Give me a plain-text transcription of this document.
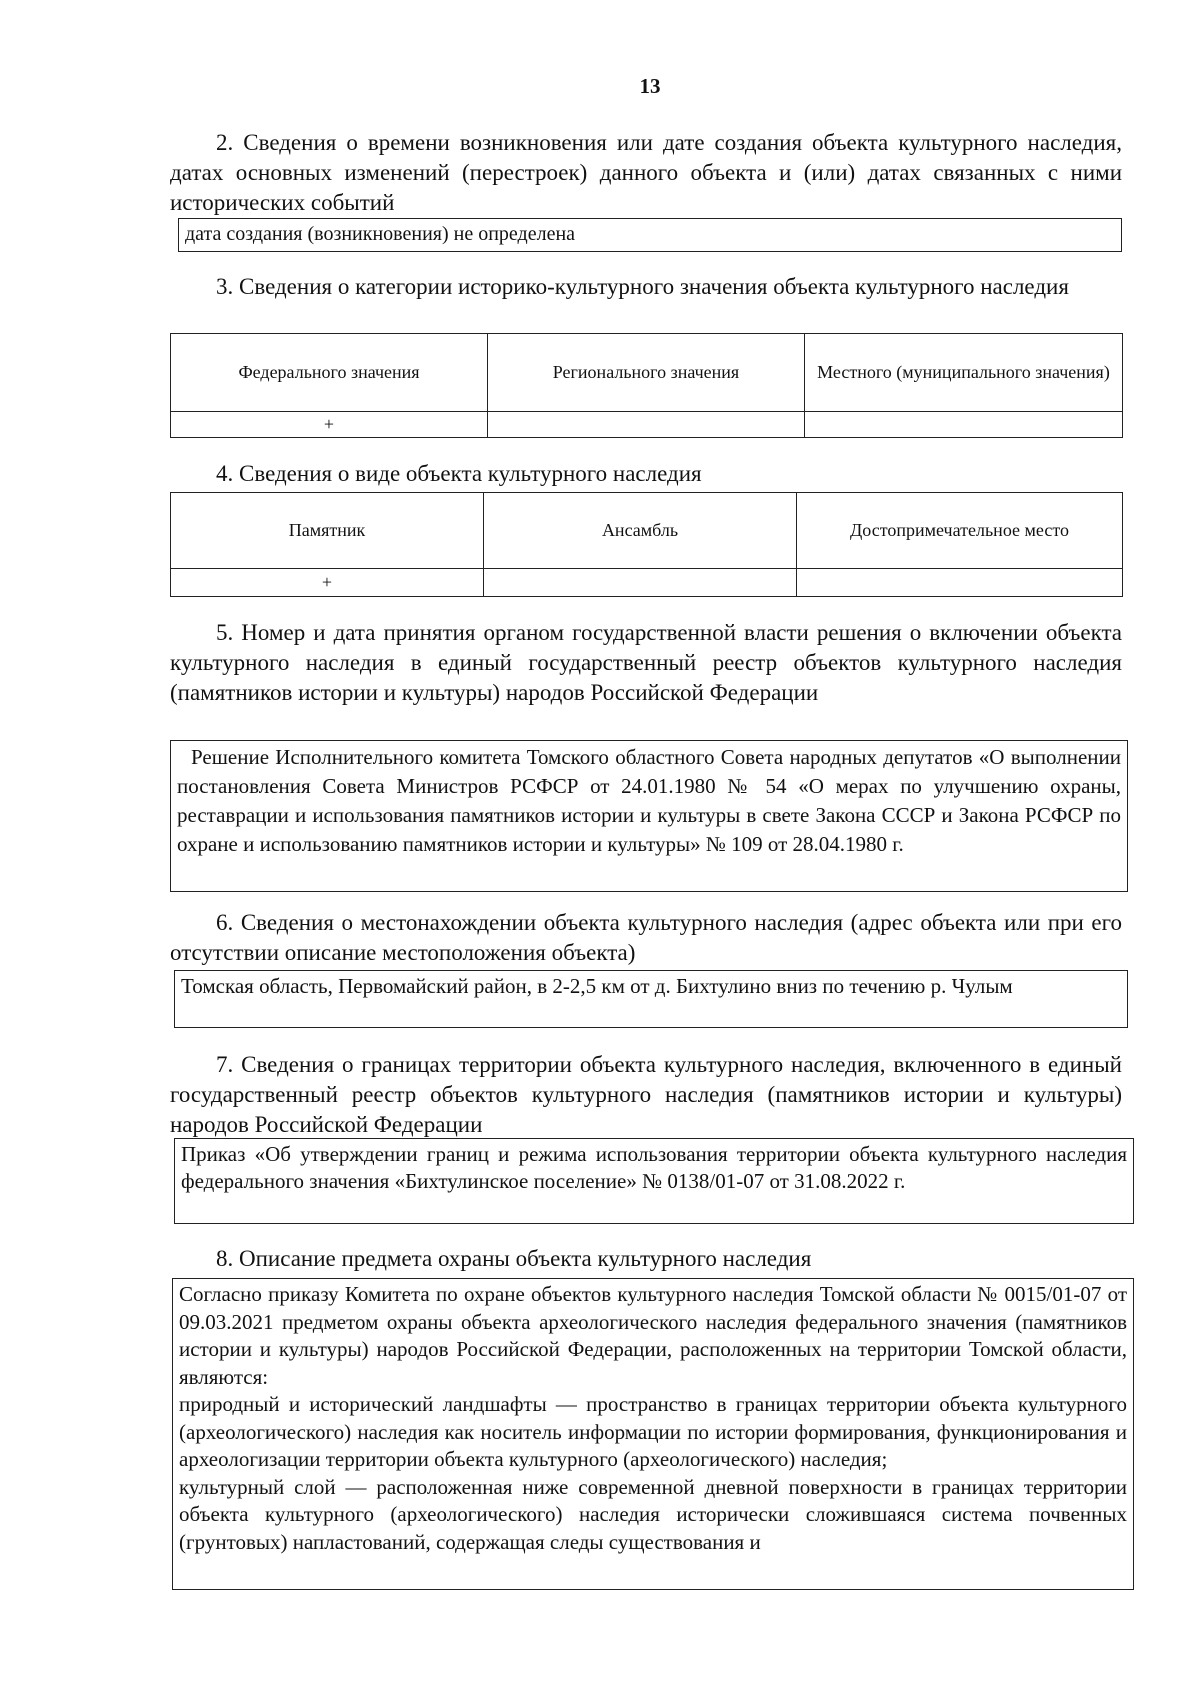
13
2. Сведения о времени возникновения или дате создания объекта культурного наследия, датах основных изменений (перестроек) данного объекта и (или) датах связанных с ними исторических событий
дата создания (возникновения) не определена
3. Сведения о категории историко-культурного значения объекта культурного наследия
Федерального значения	Регионального значения	Местного (муниципального значения)
+		
4. Сведения о виде объекта культурного наследия
Памятник	Ансамбль	Достопримечательное место
+		
5. Номер и дата принятия органом государственной власти решения о включении объекта культурного наследия в единый государственный реестр объектов культурного наследия (памятников истории и культуры) народов Российской Федерации
Решение Исполнительного комитета Томского областного Совета народных депутатов «О выполнении постановления Совета Министров РСФСР от 24.01.1980 № 54 «О мерах по улучшению охраны, реставрации и использования памятников истории и культуры в свете Закона СССР и Закона РСФСР по охране и использованию памятников истории и культуры» № 109 от 28.04.1980 г.
6. Сведения о местонахождении объекта культурного наследия (адрес объекта или при его отсутствии описание местоположения объекта)
Томская область, Первомайский район, в 2-2,5 км от д. Бихтулино вниз по течению р. Чулым
7. Сведения о границах территории объекта культурного наследия, включенного в единый государственный реестр объектов культурного наследия (памятников истории и культуры) народов Российской Федерации
Приказ «Об утверждении границ и режима использования территории объекта культурного наследия федерального значения «Бихтулинское поселение» № 0138/01-07 от 31.08.2022 г.
8. Описание предмета охраны объекта культурного наследия
Согласно приказу Комитета по охране объектов культурного наследия Томской области № 0015/01-07 от 09.03.2021 предметом охраны объекта археологического наследия федерального значения (памятников истории и культуры) народов Российской Федерации, расположенных на территории Томской области, являются:
природный и исторический ландшафты — пространство в границах территории объекта культурного (археологического) наследия как носитель информации по истории формирования, функционирования и археологизации территории объекта культурного (археологического) наследия;
культурный слой — расположенная ниже современной дневной поверхности в границах территории объекта культурного (археологического) наследия исторически сложившаяся система почвенных (грунтовых) напластований, содержащая следы существования и
